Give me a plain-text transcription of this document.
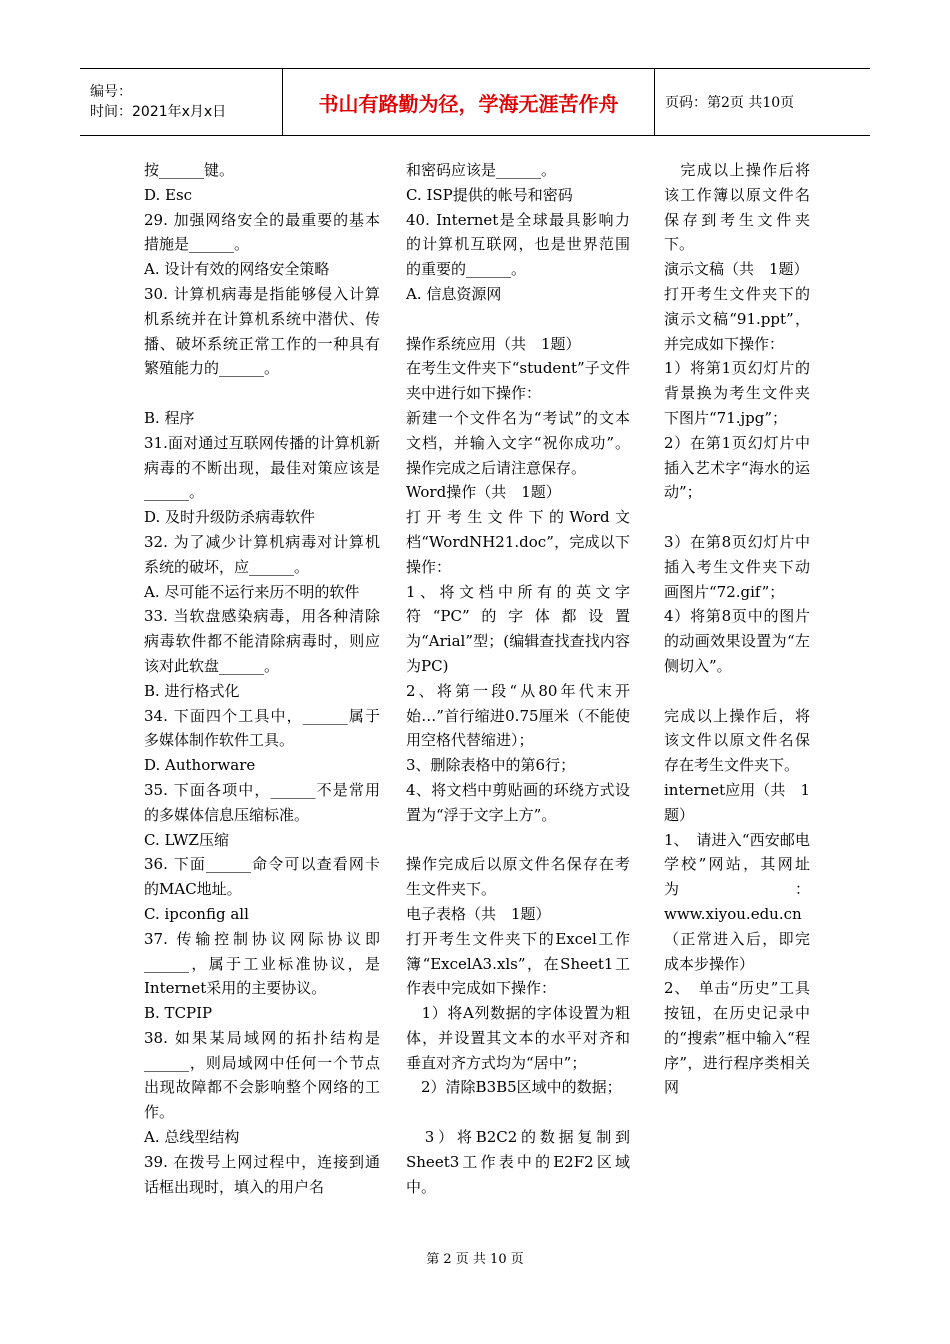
编号：
时间：2021年x月x日	书山有路勤为径，学海无涯苦作舟	页码：第2页 共10页

按______键。

D. Esc

29. 加强网络安全的最重要的基本措施是______。

A. 设计有效的网络安全策略

30. 计算机病毒是指能够侵入计算机系统并在计算机系统中潜伏、传播、破坏系统正常工作的一种具有繁殖能力的______。

B. 程序

31.面对通过互联网传播的计算机新病毒的不断出现，最佳对策应该是______。

D. 及时升级防杀病毒软件

32. 为了减少计算机病毒对计算机系统的破坏，应______。

A. 尽可能不运行来历不明的软件

33. 当软盘感染病毒，用各种清除病毒软件都不能清除病毒时，则应该对此软盘______。

B. 进行格式化

34. 下面四个工具中，______属于多媒体制作软件工具。

D. Authorware

35. 下面各项中，______不是常用的多媒体信息压缩标准。

C. LWZ压缩

36. 下面______命令可以查看网卡的MAC地址。

C. ipconfig all

37. 传输控制协议网际协议即______，属于工业标准协议，是Internet采用的主要协议。

B. TCPIP

38. 如果某局域网的拓扑结构是______，则局域网中任何一个节点出现故障都不会影响整个网络的工作。

A. 总线型结构

39. 在拨号上网过程中，连接到通话框出现时，填入的用户名

和密码应该是______。

C. ISP提供的帐号和密码

40. Internet是全球最具影响力的计算机互联网，也是世界范围的重要的______。

A. 信息资源网

操作系统应用（共　1题）

在考生文件夹下“student”子文件夹中进行如下操作：

新建一个文件名为“考试”的文本文档，并输入文字“祝你成功”。操作完成之后请注意保存。

Word操作（共　1题）

打开考生文件下的Word文档“WordNH21.doc”，完成以下操作：

1、将文档中所有的英文字符“PC”的字体都设置为“Arial”型；(编辑查找查找内容为PC)

2、将第一段“从80年代末开始…”首行缩进0.75厘米（不能使用空格代替缩进）；

3、删除表格中的第6行；

4、将文档中剪贴画的环绕方式设置为“浮于文字上方”。

操作完成后以原文件名保存在考生文件夹下。

电子表格（共　1题）

打开考生文件夹下的Excel工作簿“ExcelA3.xls”，在Sheet1工作表中完成如下操作：

　1）将A列数据的字体设置为粗体，并设置其文本的水平对齐和垂直对齐方式均为“居中”；

　2）清除B3B5区域中的数据；

　3）将B2C2的数据复制到Sheet3工作表中的E2F2区域中。

　完成以上操作后将该工作簿以原文件名保存到考生文件夹下。

演示文稿（共　1题）

打开考生文件夹下的演示文稿“91.ppt”，并完成如下操作：

1）将第1页幻灯片的背景换为考生文件夹下图片“71.jpg”；

2）在第1页幻灯片中插入艺术字“海水的运动”；

3）在第8页幻灯片中插入考生文件夹下动画图片“72.gif”；

4）将第8页中的图片的动画效果设置为“左侧切入”。

完成以上操作后，将该文件以原文件名保存在考生文件夹下。

internet应用（共　1题）

1、　请进入“西安邮电学校”网站，其网址为：www.xiyou.edu.cn（正常进入后，即完成本步操作）

2、　单击“历史”工具按钮，在历史记录中的“搜索”框中输入“程序”，进行程序类相关网

第 2 页 共 10 页
